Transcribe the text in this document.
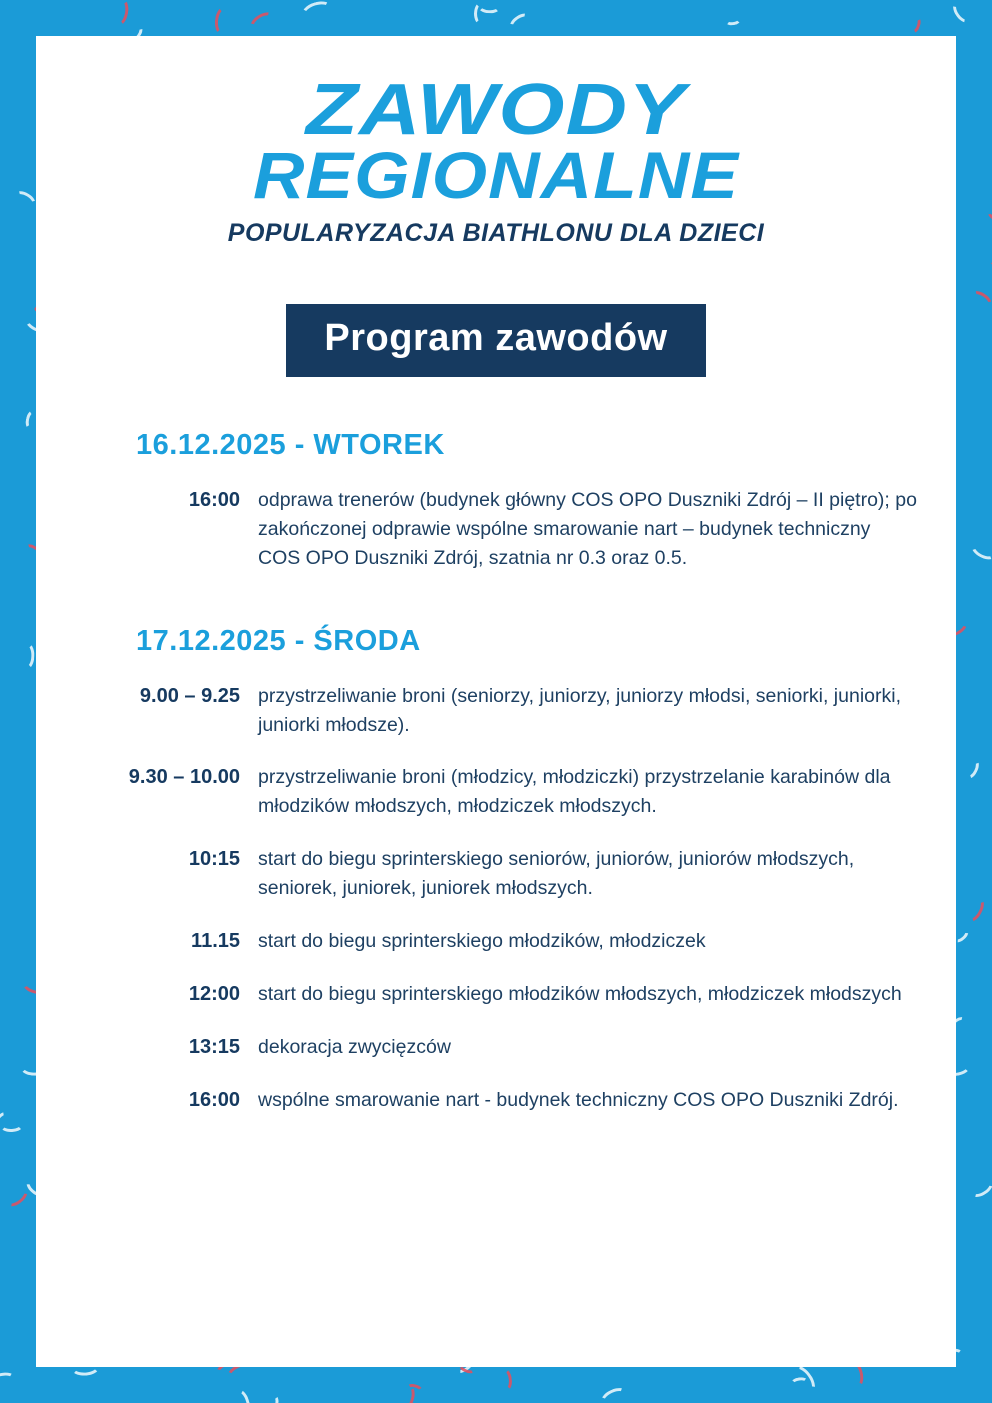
ZAWODY
REGIONALNE
POPULARYZACJA BIATHLONU DLA DZIECI
Program zawodów
16.12.2025 - WTOREK
16:00 odprawa trenerów (budynek główny COS OPO Duszniki Zdrój – II piętro); po zakończonej odprawie wspólne smarowanie nart – budynek techniczny COS OPO Duszniki Zdrój, szatnia nr 0.3 oraz 0.5.
17.12.2025 - ŚRODA
9.00 – 9.25 przystrzeliwanie broni (seniorzy, juniorzy, juniorzy młodsi, seniorki, juniorki, juniorki młodsze).
9.30 – 10.00 przystrzeliwanie broni (młodzicy, młodziczki) przystrzelanie karabinów dla młodzików młodszych, młodziczek młodszych.
10:15 start do biegu sprinterskiego seniorów, juniorów, juniorów młodszych, seniorek, juniorek, juniorek młodszych.
11.15 start do biegu sprinterskiego młodzików, młodziczek
12:00 start do biegu sprinterskiego młodzików młodszych, młodziczek młodszych
13:15 dekoracja zwycięzców
16:00 wspólne smarowanie nart - budynek techniczny COS OPO Duszniki Zdrój.
